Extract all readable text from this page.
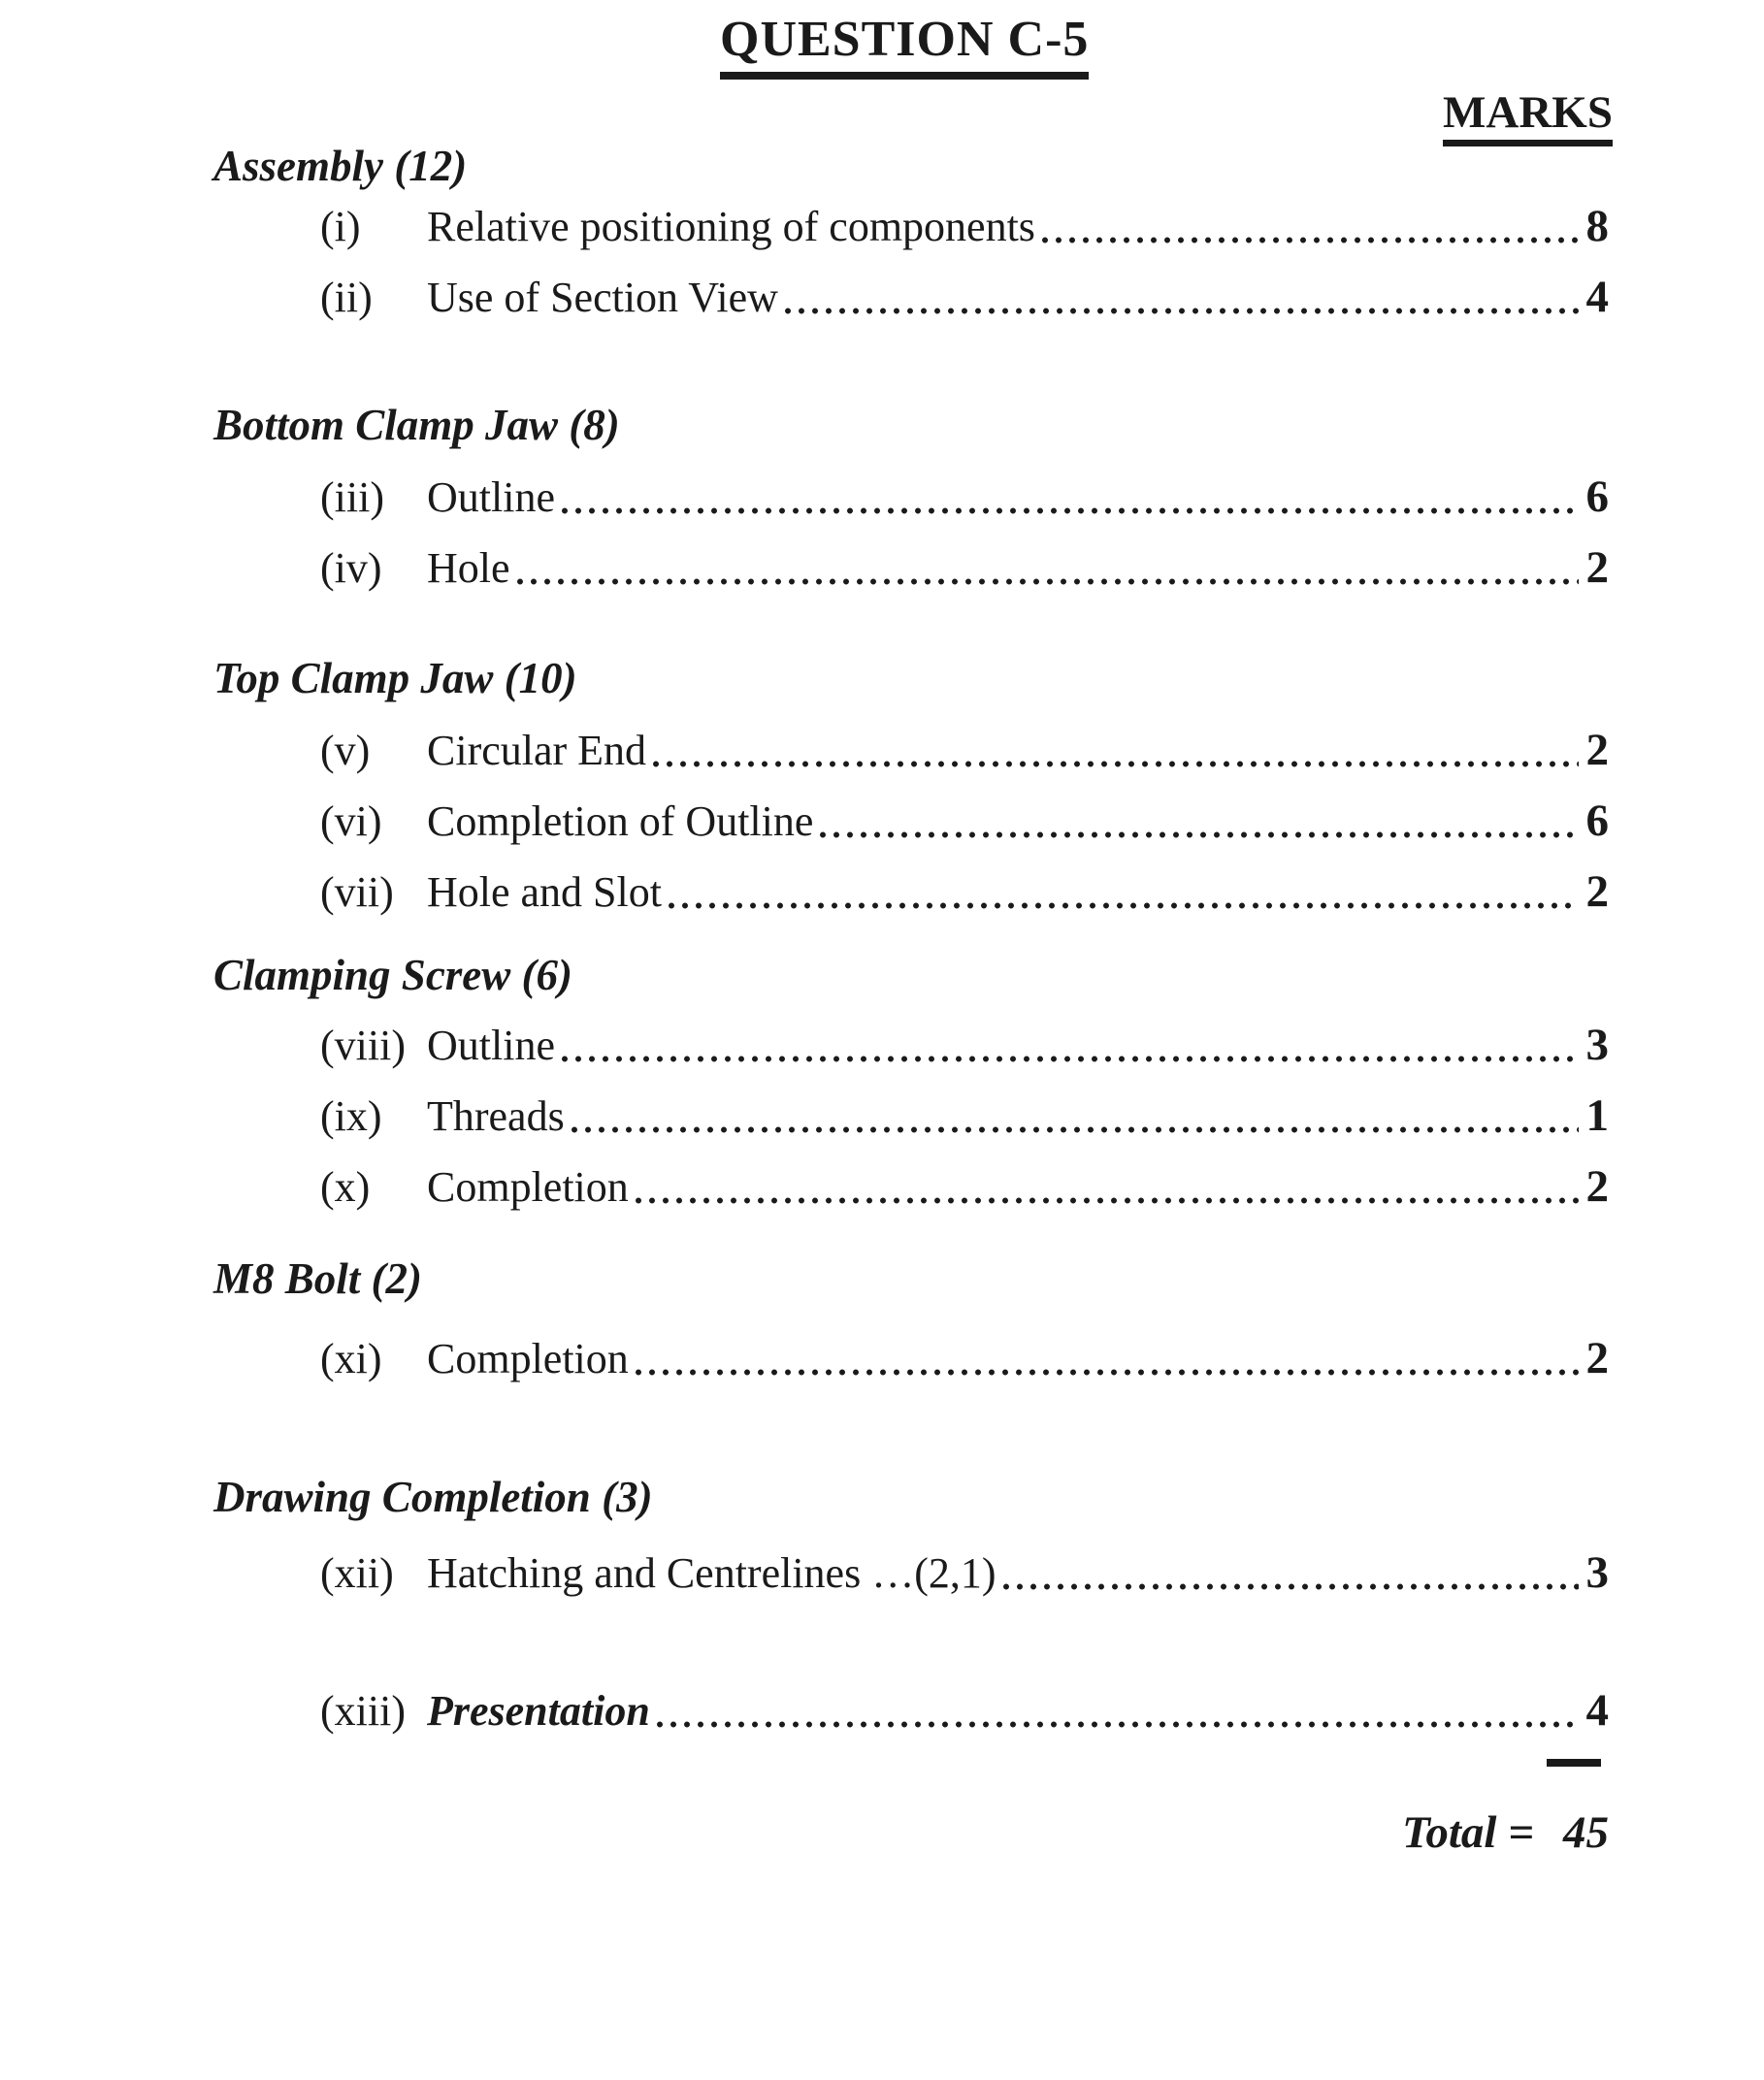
QUESTION C-5
MARKS
Assembly (12)
(i)	Relative positioning of components	8
(ii)	Use of Section View	4
Bottom Clamp Jaw (8)
(iii)	Outline	6
(iv)	Hole	2
Top Clamp Jaw (10)
(v)	Circular End	2
(vi)	Completion of Outline	6
(vii) Hole and Slot	2
Clamping Screw (6)
(viii) Outline	3
(ix)	Threads	1
(x)	Completion	2
M8 Bolt (2)
(xi)	Completion	2
Drawing Completion (3)
(xii) Hatching and Centrelines …(2,1)	3
(xiii) Presentation	4
Total = 45
